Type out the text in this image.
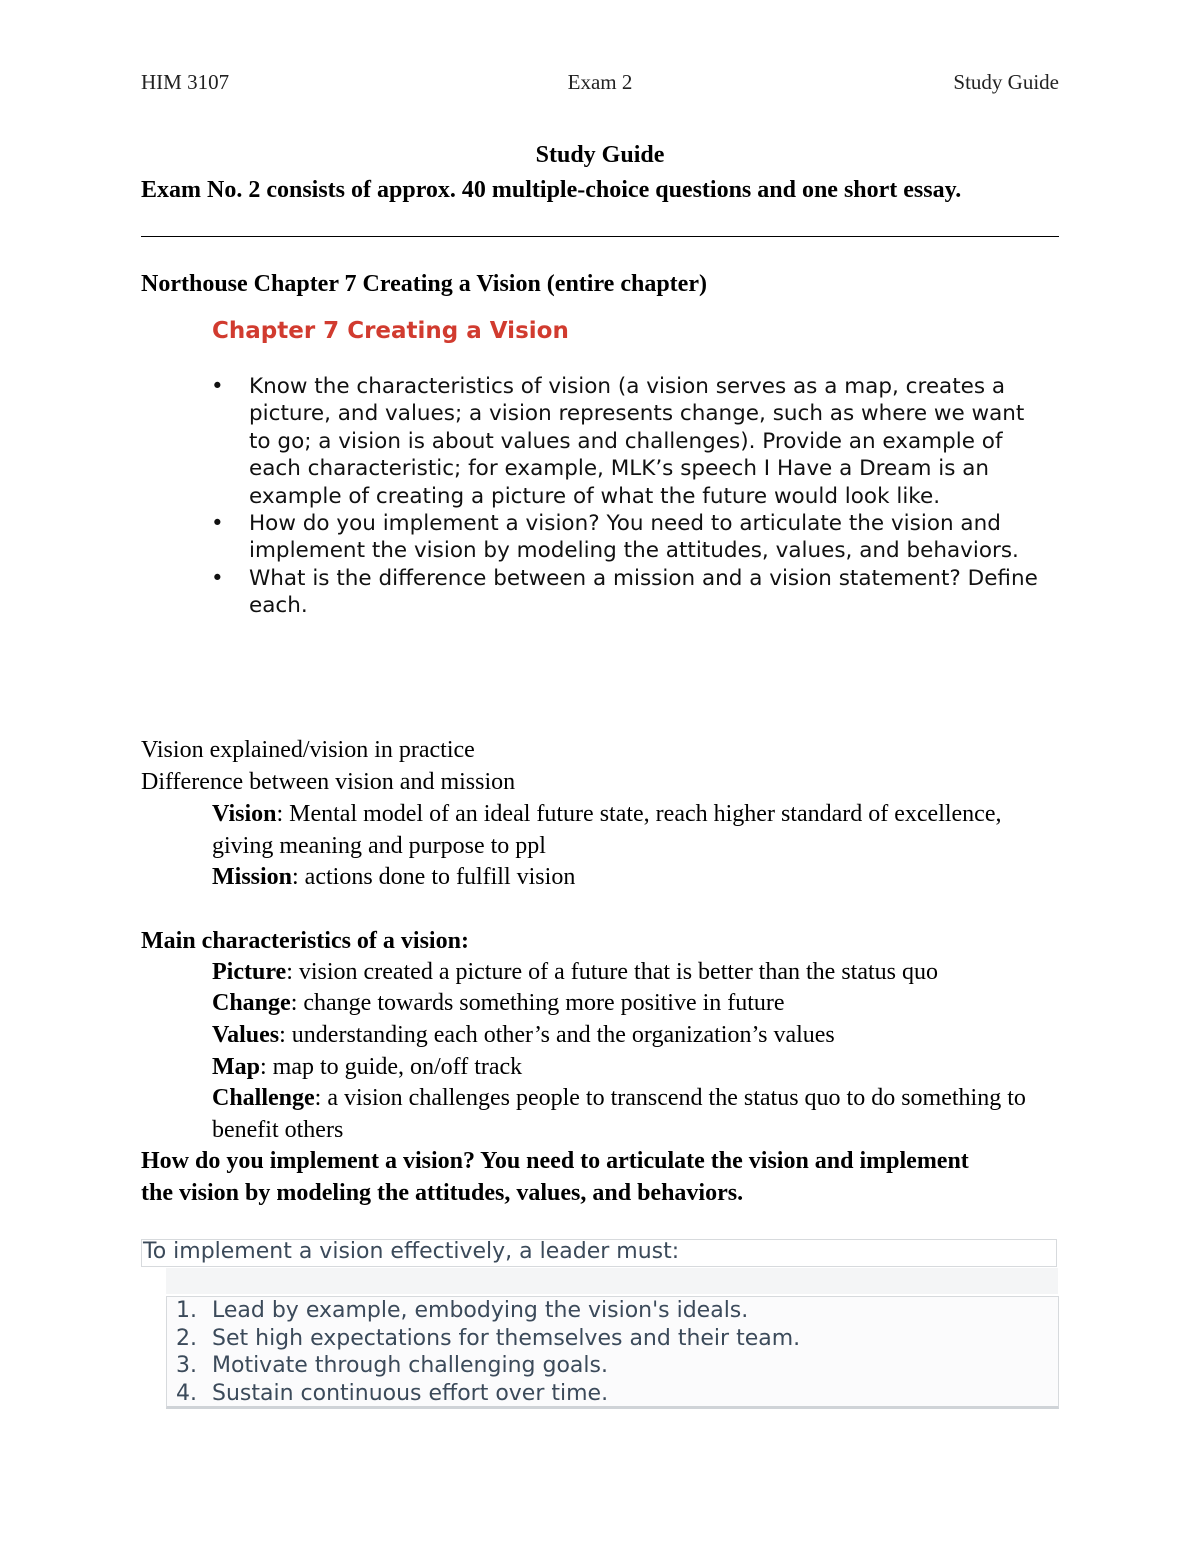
HIM 3107	Exam 2	Study Guide
Study Guide
Exam No. 2 consists of approx. 40 multiple-choice questions and one short essay.
Northouse Chapter 7 Creating a Vision (entire chapter)
Chapter 7 Creating a Vision
• Know the characteristics of vision (a vision serves as a map, creates a picture, and values; a vision represents change, such as where we want to go; a vision is about values and challenges). Provide an example of each characteristic; for example, MLK’s speech I Have a Dream is an example of creating a picture of what the future would look like.
• How do you implement a vision? You need to articulate the vision and implement the vision by modeling the attitudes, values, and behaviors.
• What is the difference between a mission and a vision statement? Define each.
Vision explained/vision in practice
Difference between vision and mission
Vision: Mental model of an ideal future state, reach higher standard of excellence, giving meaning and purpose to ppl
Mission: actions done to fulfill vision
Main characteristics of a vision:
Picture: vision created a picture of a future that is better than the status quo
Change: change towards something more positive in future
Values: understanding each other’s and the organization’s values
Map: map to guide, on/off track
Challenge: a vision challenges people to transcend the status quo to do something to benefit others
How do you implement a vision? You need to articulate the vision and implement the vision by modeling the attitudes, values, and behaviors.
To implement a vision effectively, a leader must:
1. Lead by example, embodying the vision's ideals.
2. Set high expectations for themselves and their team.
3. Motivate through challenging goals.
4. Sustain continuous effort over time.
